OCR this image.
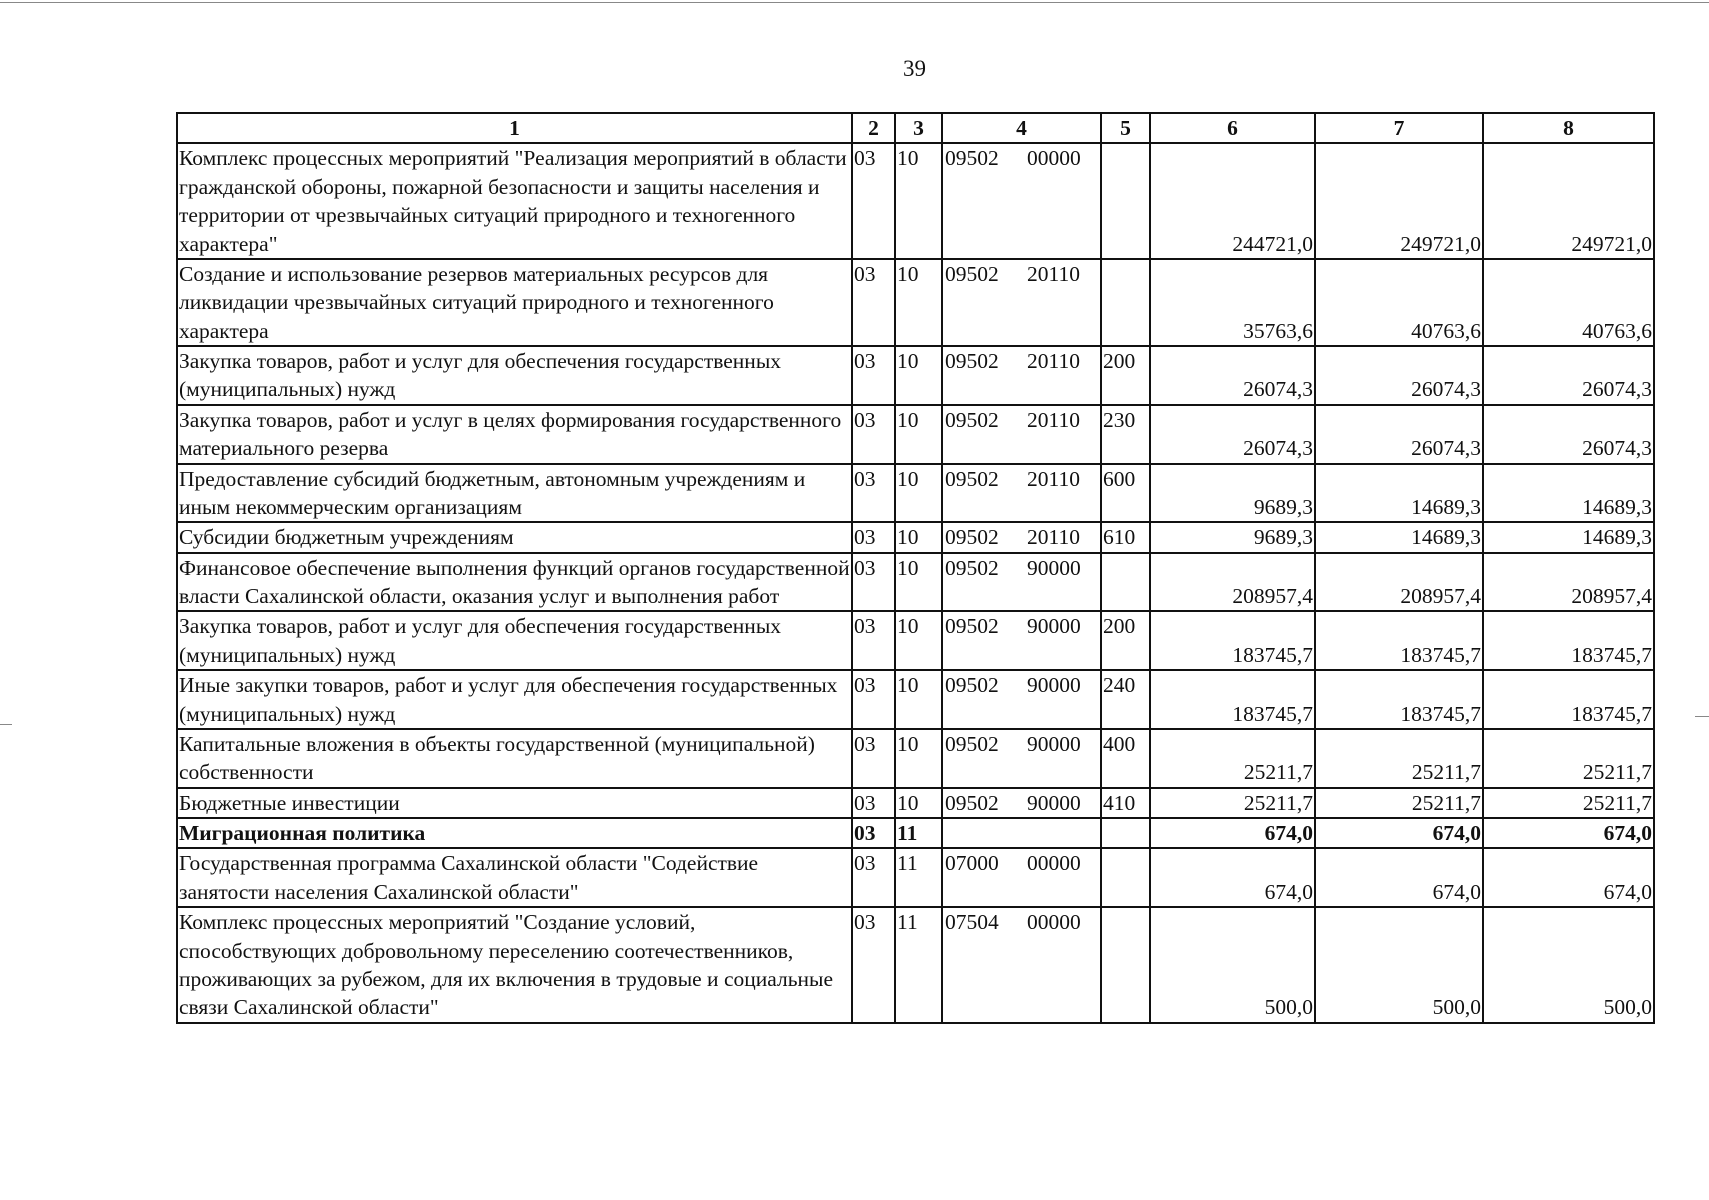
39
1	2	3	4	5	6	7	8
Комплекс процессных мероприятий "Реализация мероприятий в области гражданской обороны, пожарной безопасности и защиты населения и территории от чрезвычайных ситуаций природного и техногенного характера"	03	10	09502 00000		244721,0	249721,0	249721,0
Создание и использование резервов материальных ресурсов для ликвидации чрезвычайных ситуаций природного и техногенного характера	03	10	09502 20110		35763,6	40763,6	40763,6
Закупка товаров, работ и услуг для обеспечения государственных (муниципальных) нужд	03	10	09502 20110	200	26074,3	26074,3	26074,3
Закупка товаров, работ и услуг в целях формирования государственного материального резерва	03	10	09502 20110	230	26074,3	26074,3	26074,3
Предоставление субсидий бюджетным, автономным учреждениям и иным некоммерческим организациям	03	10	09502 20110	600	9689,3	14689,3	14689,3
Субсидии бюджетным учреждениям	03	10	09502 20110	610	9689,3	14689,3	14689,3
Финансовое обеспечение выполнения функций органов государственной власти Сахалинской области, оказания услуг и выполнения работ	03	10	09502 90000		208957,4	208957,4	208957,4
Закупка товаров, работ и услуг для обеспечения государственных (муниципальных) нужд	03	10	09502 90000	200	183745,7	183745,7	183745,7
Иные закупки товаров, работ и услуг для обеспечения государственных (муниципальных) нужд	03	10	09502 90000	240	183745,7	183745,7	183745,7
Капитальные вложения в объекты государственной (муниципальной) собственности	03	10	09502 90000	400	25211,7	25211,7	25211,7
Бюджетные инвестиции	03	10	09502 90000	410	25211,7	25211,7	25211,7
Миграционная политика	03	11			674,0	674,0	674,0
Государственная программа Сахалинской области "Содействие занятости населения Сахалинской области"	03	11	07000 00000		674,0	674,0	674,0
Комплекс процессных мероприятий "Создание условий, способствующих добровольному переселению соотечественников, проживающих за рубежом, для их включения в трудовые и социальные связи Сахалинской области"	03	11	07504 00000		500,0	500,0	500,0
